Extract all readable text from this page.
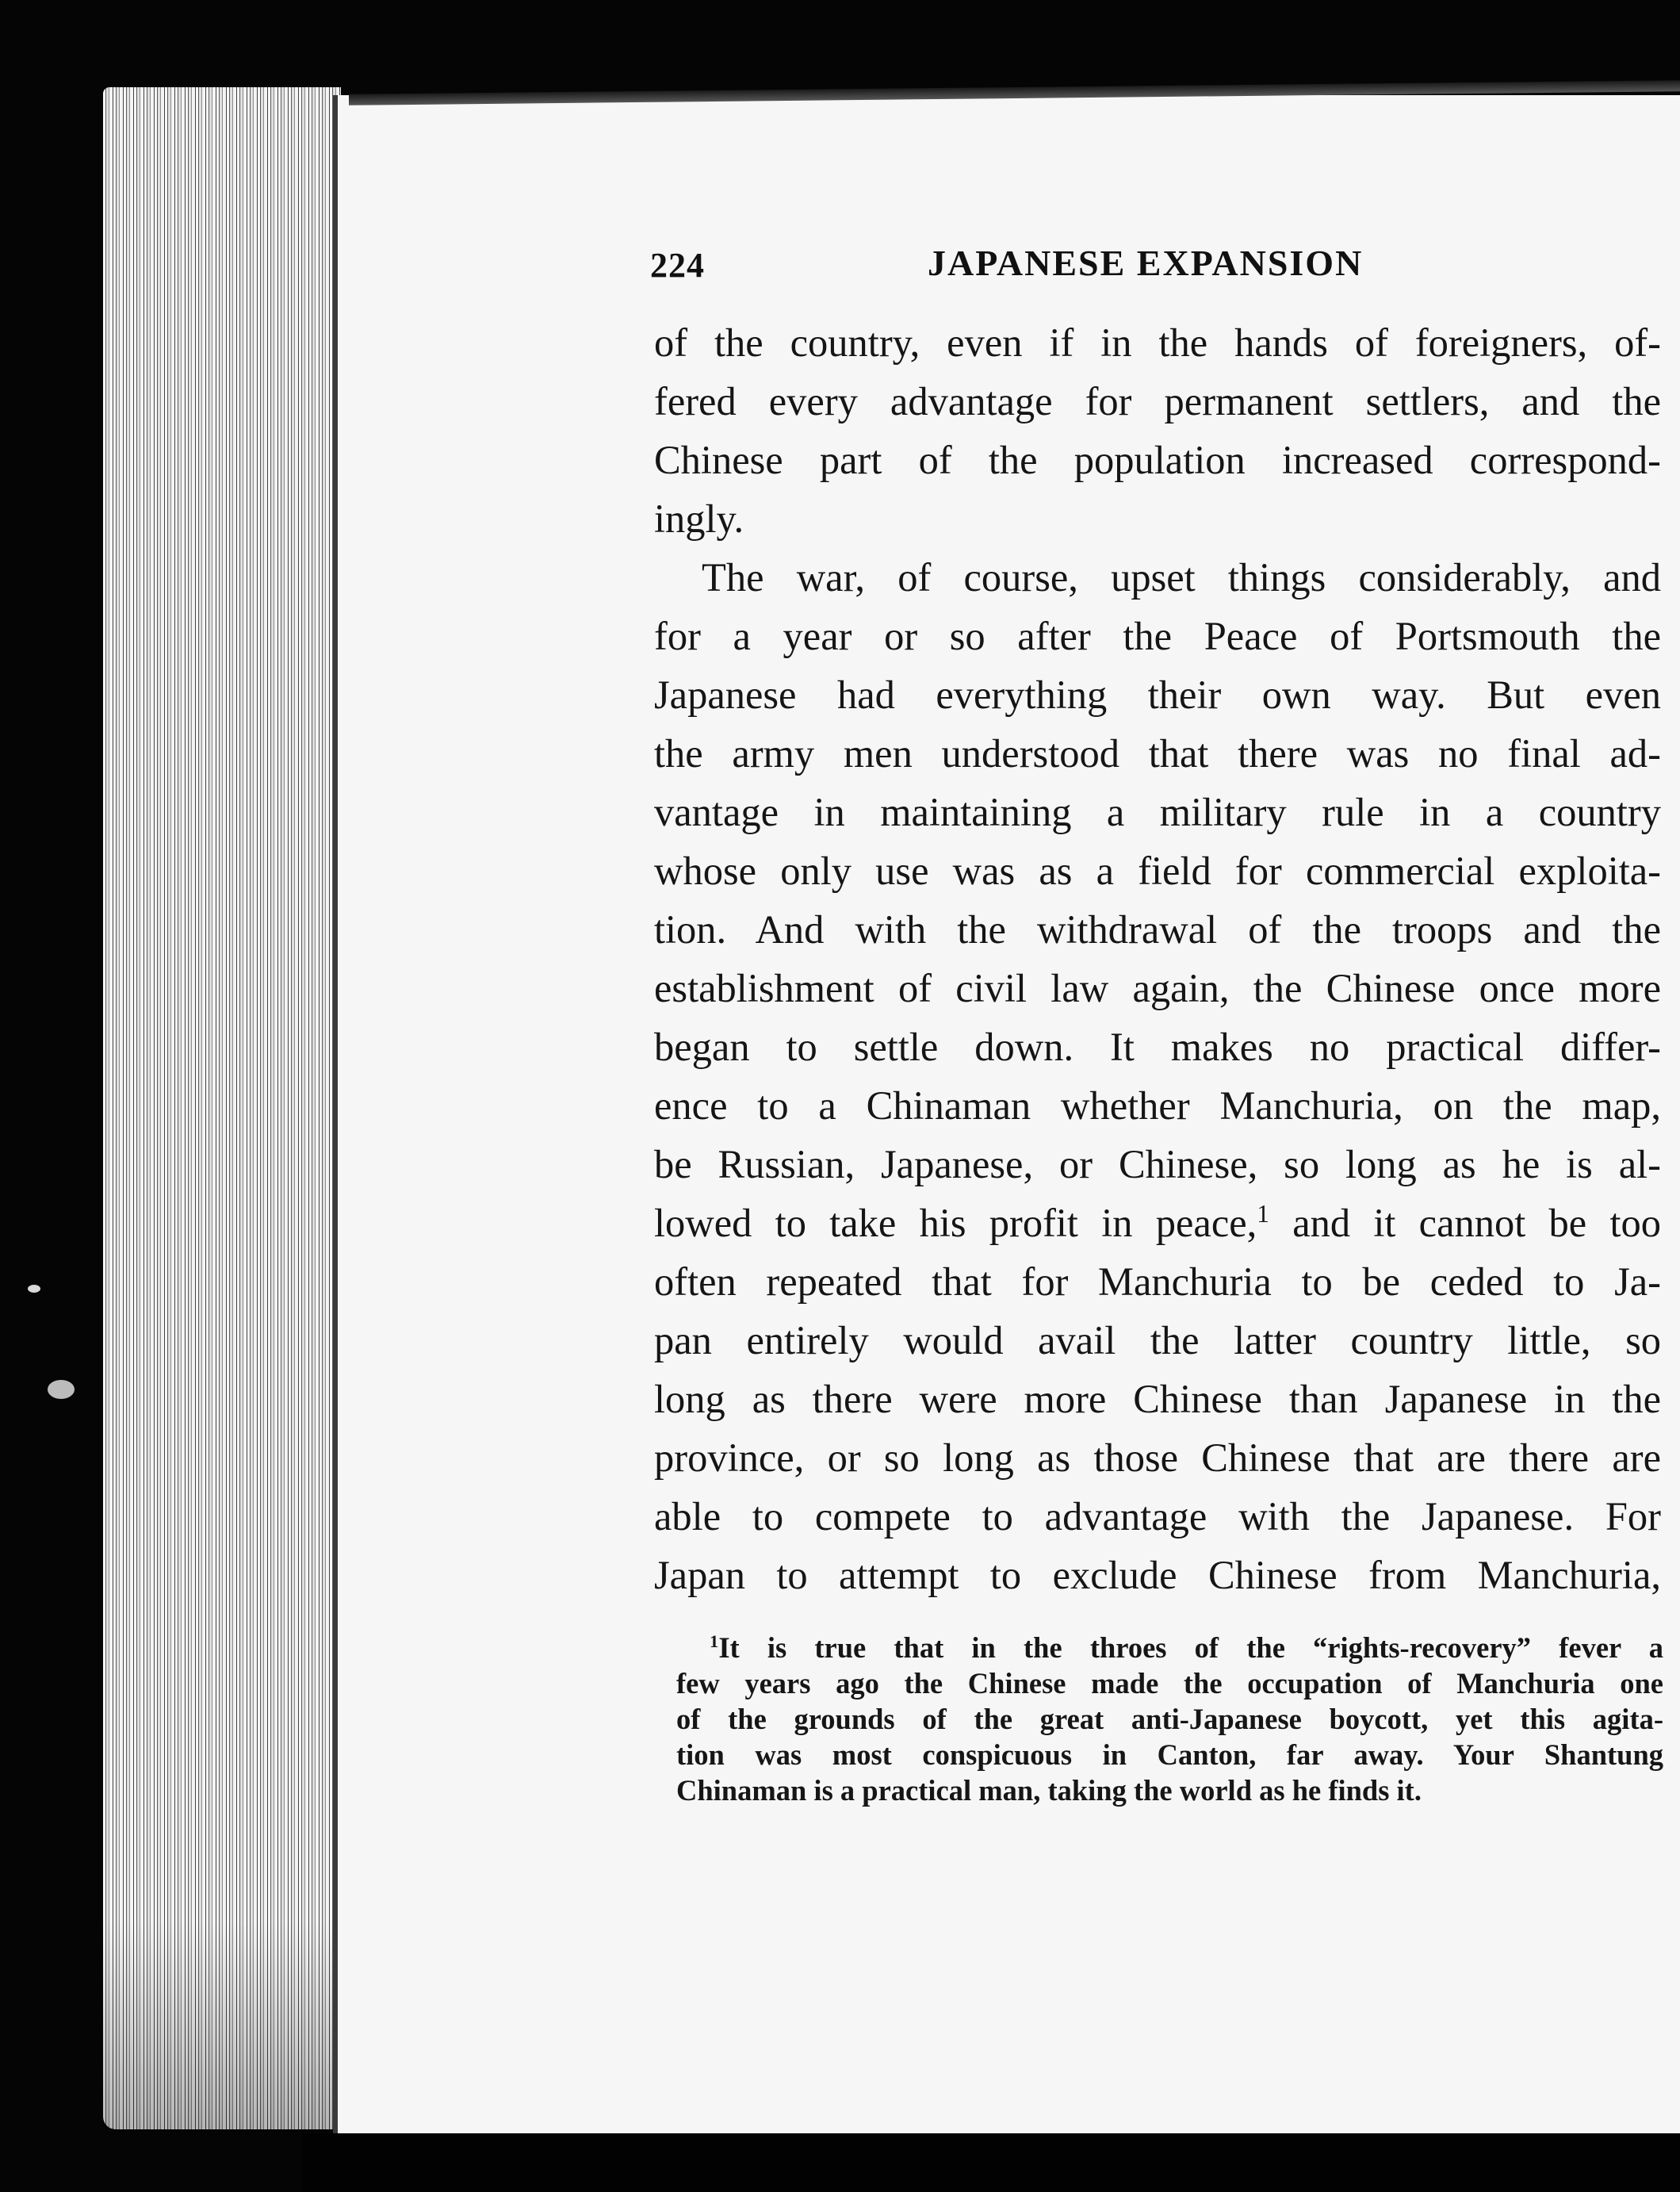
224	JAPANESE EXPANSION
of the country, even if in the hands of foreigners, of-
fered every advantage for permanent settlers, and the
Chinese part of the population increased correspond-
ingly.
The war, of course, upset things considerably, and
for a year or so after the Peace of Portsmouth the
Japanese had everything their own way. But even
the army men understood that there was no final ad-
vantage in maintaining a military rule in a country
whose only use was as a field for commercial exploita-
tion. And with the withdrawal of the troops and the
establishment of civil law again, the Chinese once more
began to settle down. It makes no practical differ-
ence to a Chinaman whether Manchuria, on the map,
be Russian, Japanese, or Chinese, so long as he is al-
lowed to take his profit in peace,$^1$ and it cannot be too
often repeated that for Manchuria to be ceded to Ja-
pan entirely would avail the latter country little, so
long as there were more Chinese than Japanese in the
province, or so long as those Chinese that are there are
able to compete to advantage with the Japanese. For
Japan to attempt to exclude Chinese from Manchuria,
$^1$It is true that in the throes of the “rights-recovery” fever a
few years ago the Chinese made the occupation of Manchuria one
of the grounds of the great anti-Japanese boycott, yet this agita-
tion was most conspicuous in Canton, far away. Your Shantung
Chinaman is a practical man, taking the world as he finds it.
